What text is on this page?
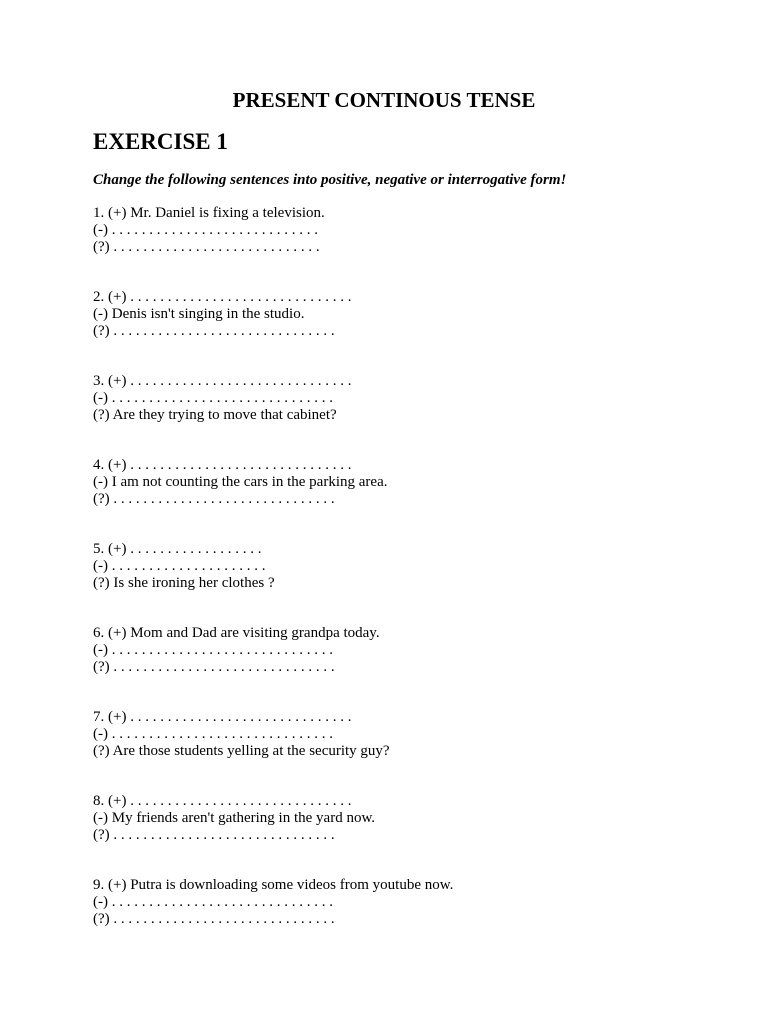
PRESENT CONTINOUS TENSE
EXERCISE 1

Change the following sentences into positive, negative or interrogative form!

1. (+) Mr. Daniel is fixing a television.
(-) . . . . . . . . . . . . . . . . . . . . . . . . . . . .
(?) . . . . . . . . . . . . . . . . . . . . . . . . . . . .
2. (+) . . . . . . . . . . . . . . . . . . . . . . . . . . . . . .
(-) Denis isn't singing in the studio.
(?) . . . . . . . . . . . . . . . . . . . . . . . . . . . . . .
3. (+) . . . . . . . . . . . . . . . . . . . . . . . . . . . . . .
(-) . . . . . . . . . . . . . . . . . . . . . . . . . . . . . .
(?) Are they trying to move that cabinet?
4. (+) . . . . . . . . . . . . . . . . . . . . . . . . . . . . . .
(-) I am not counting the cars in the parking area.
(?) . . . . . . . . . . . . . . . . . . . . . . . . . . . . . .
5. (+) . . . . . . . . . . . . . . . . . .
(-) . . . . . . . . . . . . . . . . . . . . .
(?) Is she ironing her clothes ?
6. (+) Mom and Dad are visiting grandpa today.
(-) . . . . . . . . . . . . . . . . . . . . . . . . . . . . . .
(?) . . . . . . . . . . . . . . . . . . . . . . . . . . . . . .
7. (+) . . . . . . . . . . . . . . . . . . . . . . . . . . . . . .
(-) . . . . . . . . . . . . . . . . . . . . . . . . . . . . . .
(?) Are those students yelling at the security guy?
8. (+) . . . . . . . . . . . . . . . . . . . . . . . . . . . . . .
(-) My friends aren't gathering in the yard now.
(?) . . . . . . . . . . . . . . . . . . . . . . . . . . . . . .
9. (+) Putra is downloading some videos from youtube now.
(-) . . . . . . . . . . . . . . . . . . . . . . . . . . . . . .
(?) . . . . . . . . . . . . . . . . . . . . . . . . . . . . . .
